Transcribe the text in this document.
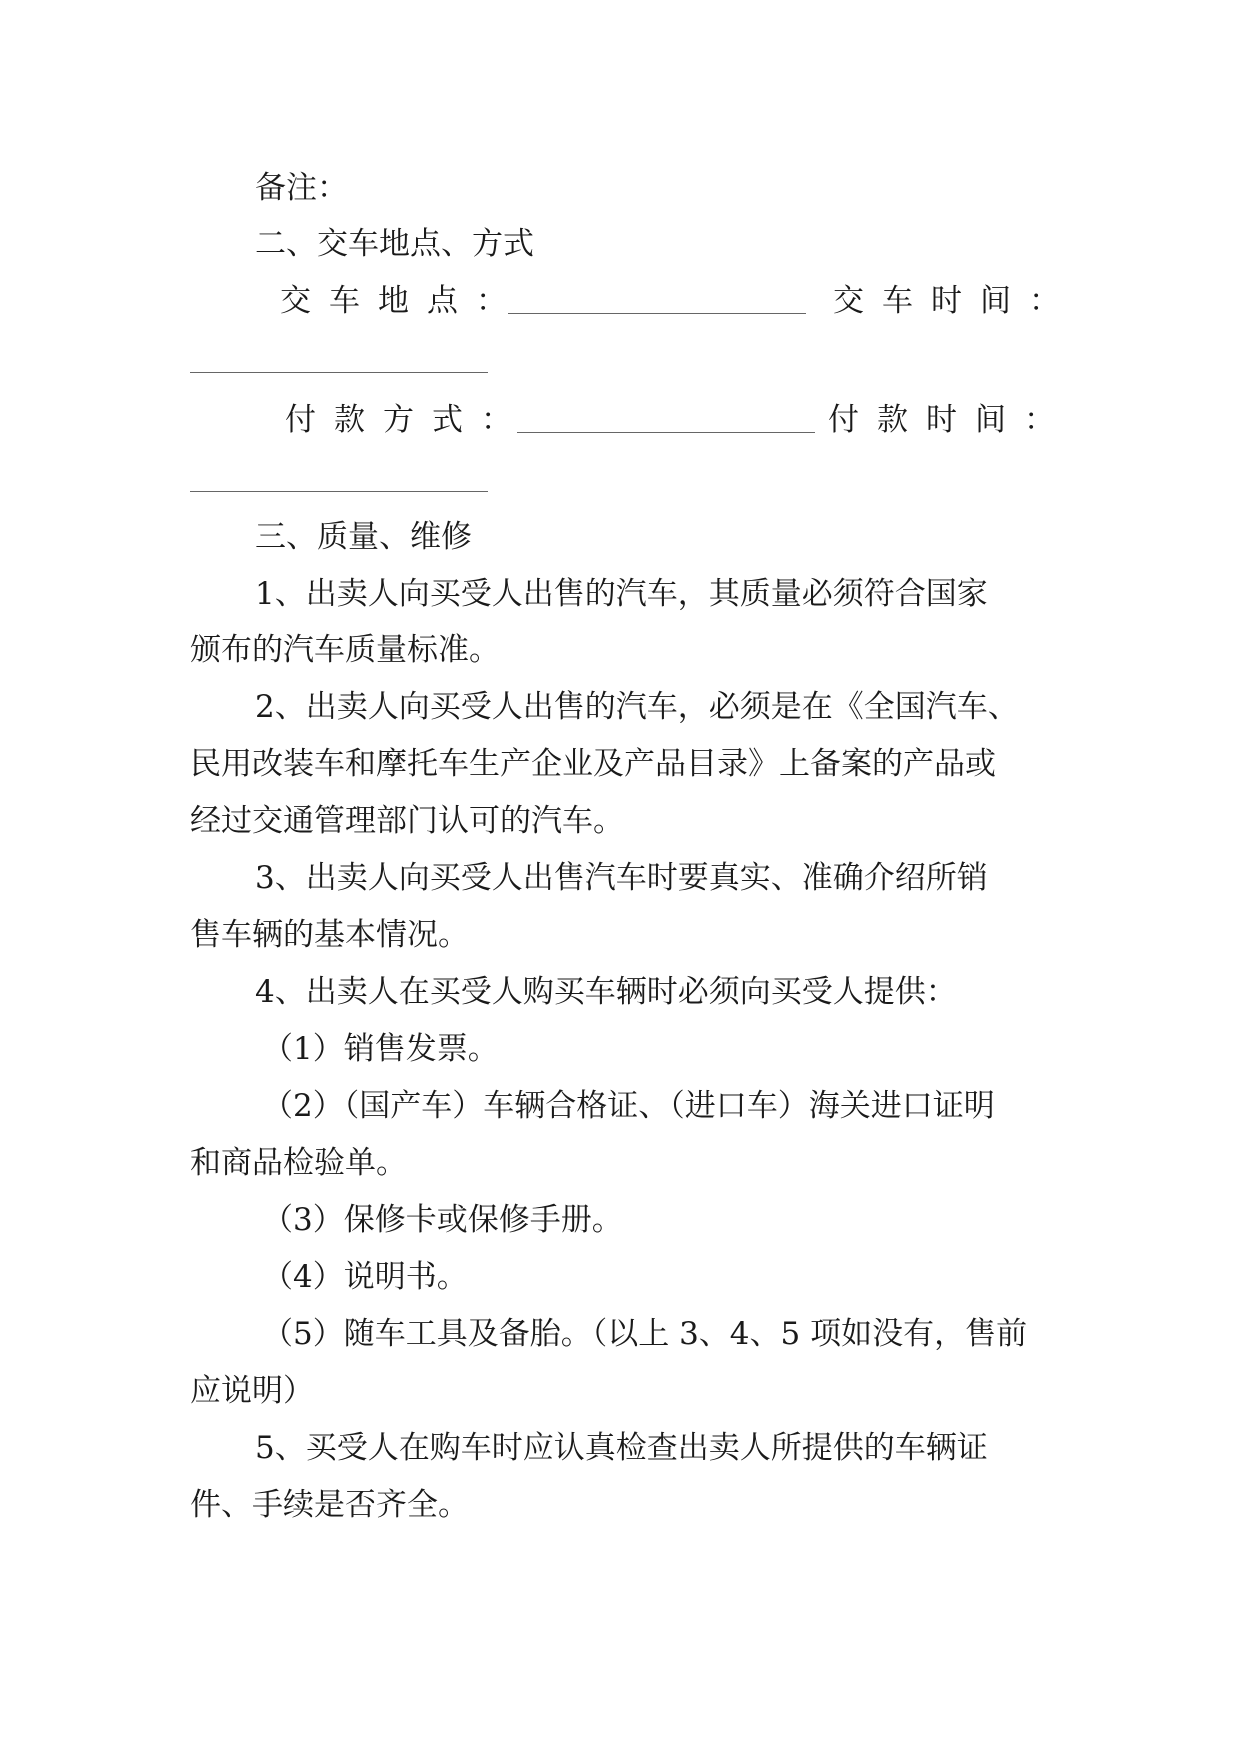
备注：
二、交车地点、方式
交车地点：	交车时间：
付款方式：	付款时间：
三、质量、维修
1、出卖人向买受人出售的汽车，其质量必须符合国家
颁布的汽车质量标准。
2、出卖人向买受人出售的汽车，必须是在《全国汽车、
民用改装车和摩托车生产企业及产品目录》上备案的产品或
经过交通管理部门认可的汽车。
3、出卖人向买受人出售汽车时要真实、准确介绍所销
售车辆的基本情况。
4、出卖人在买受人购买车辆时必须向买受人提供：
（1）销售发票。
（2）（国产车）车辆合格证、（进口车）海关进口证明
和商品检验单。
（3）保修卡或保修手册。
（4）说明书。
（5）随车工具及备胎。（以上 3、4、5 项如没有，售前
应说明）
5、买受人在购车时应认真检查出卖人所提供的车辆证
件、手续是否齐全。
